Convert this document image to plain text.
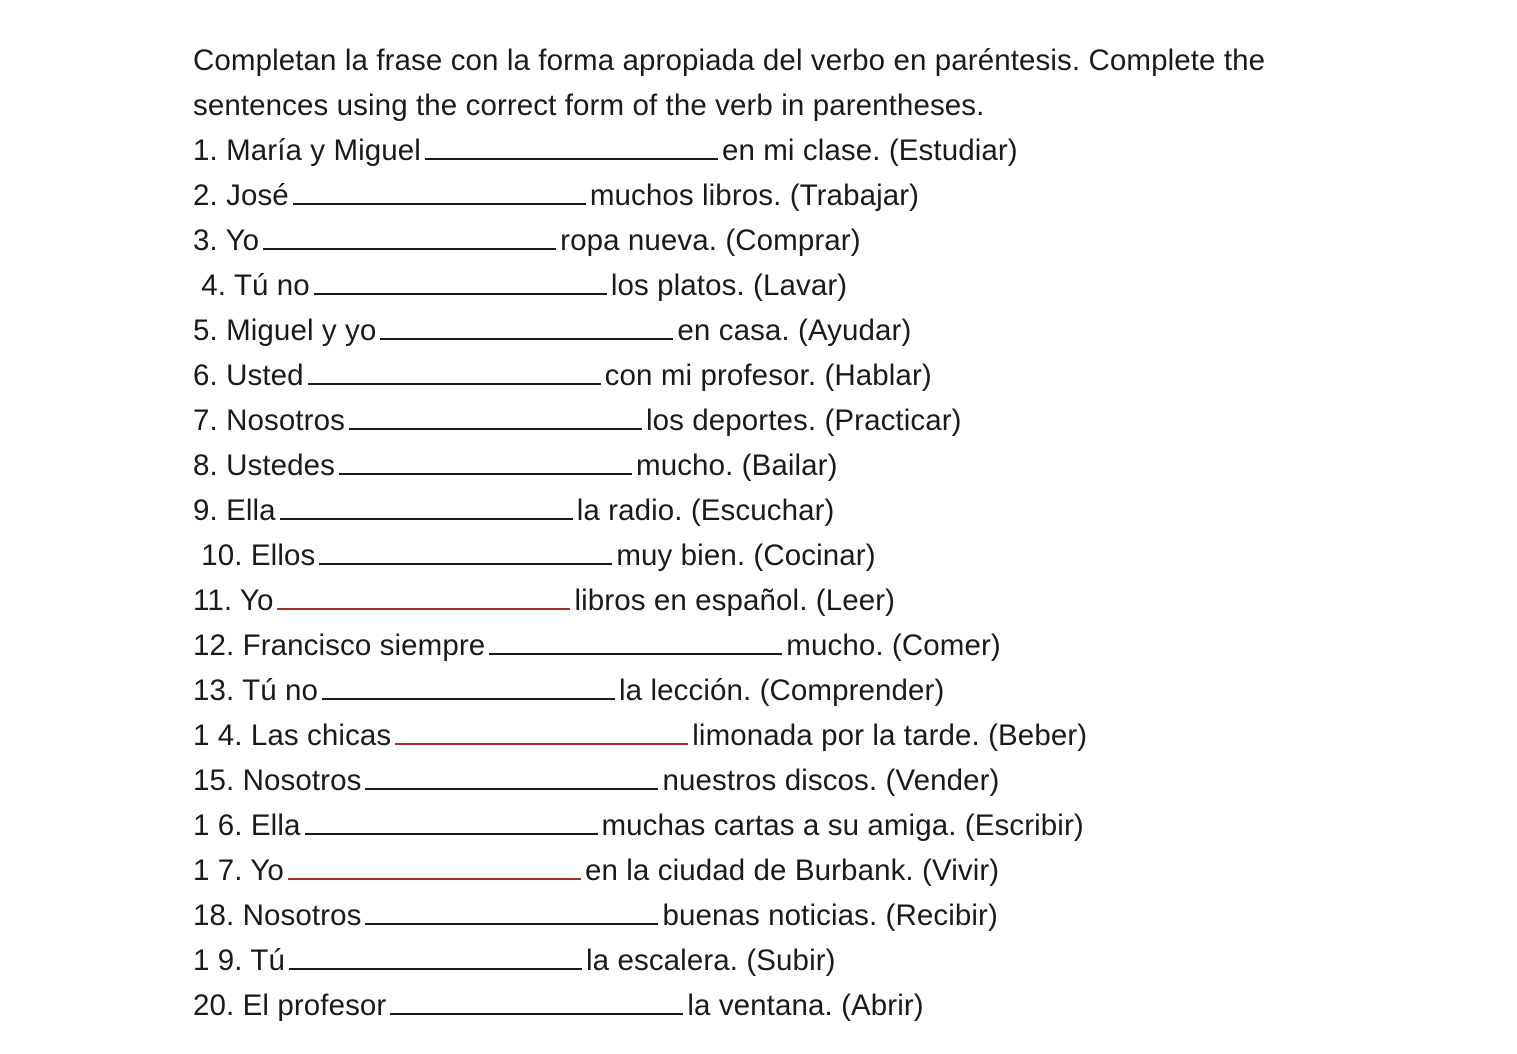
Completan la frase con la forma apropiada del verbo en paréntesis. Complete the
sentences using the correct form of the verb in parentheses.
1. María y Miguel	en mi clase. (Estudiar)
2. José	muchos libros. (Trabajar)
3. Yo	ropa nueva. (Comprar)
4. Tú no	los platos. (Lavar)
5. Miguel y yo	en casa. (Ayudar)
6. Usted	con mi profesor. (Hablar)
7. Nosotros	los deportes. (Practicar)
8. Ustedes	mucho. (Bailar)
9. Ella	la radio. (Escuchar)
10. Ellos	muy bien. (Cocinar)
11. Yo	libros en español. (Leer)
12. Francisco siempre	mucho. (Comer)
13. Tú no	la lección. (Comprender)
1 4. Las chicas	limonada por la tarde. (Beber)
15. Nosotros	nuestros discos. (Vender)
1 6. Ella	muchas cartas a su amiga. (Escribir)
1 7. Yo	en la ciudad de Burbank. (Vivir)
18. Nosotros	buenas noticias. (Recibir)
1 9. Tú	la escalera. (Subir)
20. El profesor	la ventana. (Abrir)
